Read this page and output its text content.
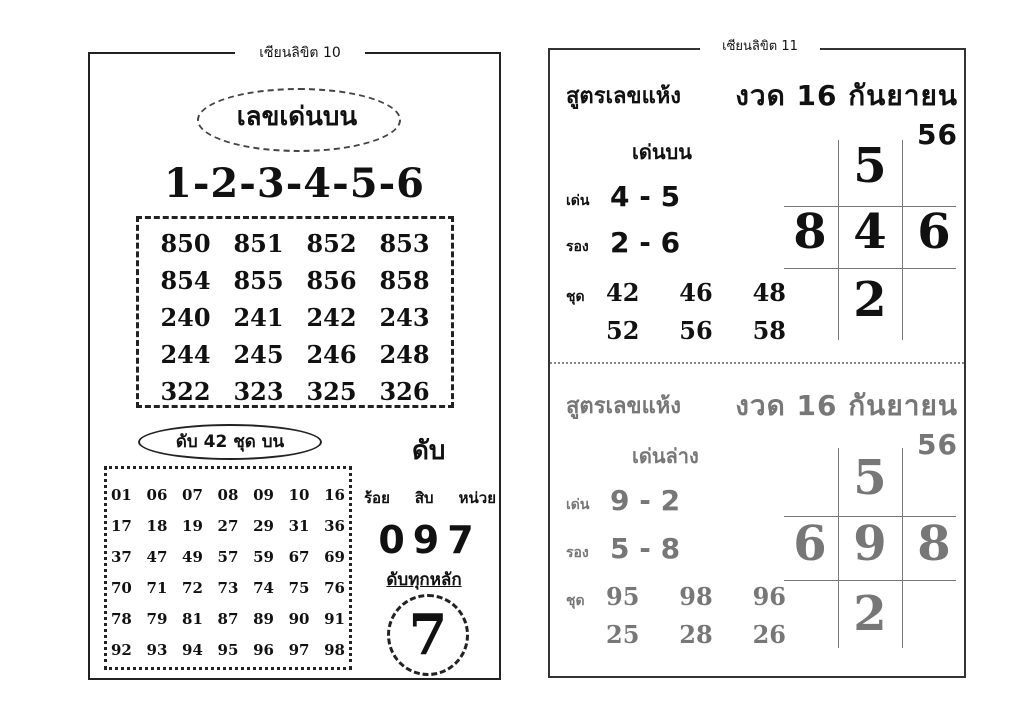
เซียนลิขิต 10
เลขเด่นบน
1-2-3-4-5-6
850 851 852 853
854 855 856 858
240 241 242 243
244 245 246 248
322 323 325 326
ดับ 42 ชุด บน
01 06 07 08 09 10 16
17 18 19 27 29 31 36
37 47 49 57 59 67 69
70 71 72 73 74 75 76
78 79 81 87 89 90 91
92 93 94 95 96 97 98
ดับ
ร้อย สิบ หน่วย
097
ดับทุกหลัก
7
เซียนลิขิต 11
สูตรเลขแห้ง	งวด 16 กันยายน 56
เด่นบน
เด่น 4 - 5
รอง 2 - 6
ชุด 42 46 48
52 56 58
5
8 4 6
2
สูตรเลขแห้ง	งวด 16 กันยายน 56
เด่นล่าง
เด่น 9 - 2
รอง 5 - 8
ชุด 95 98 96
25 28 26
5
6 9 8
2
